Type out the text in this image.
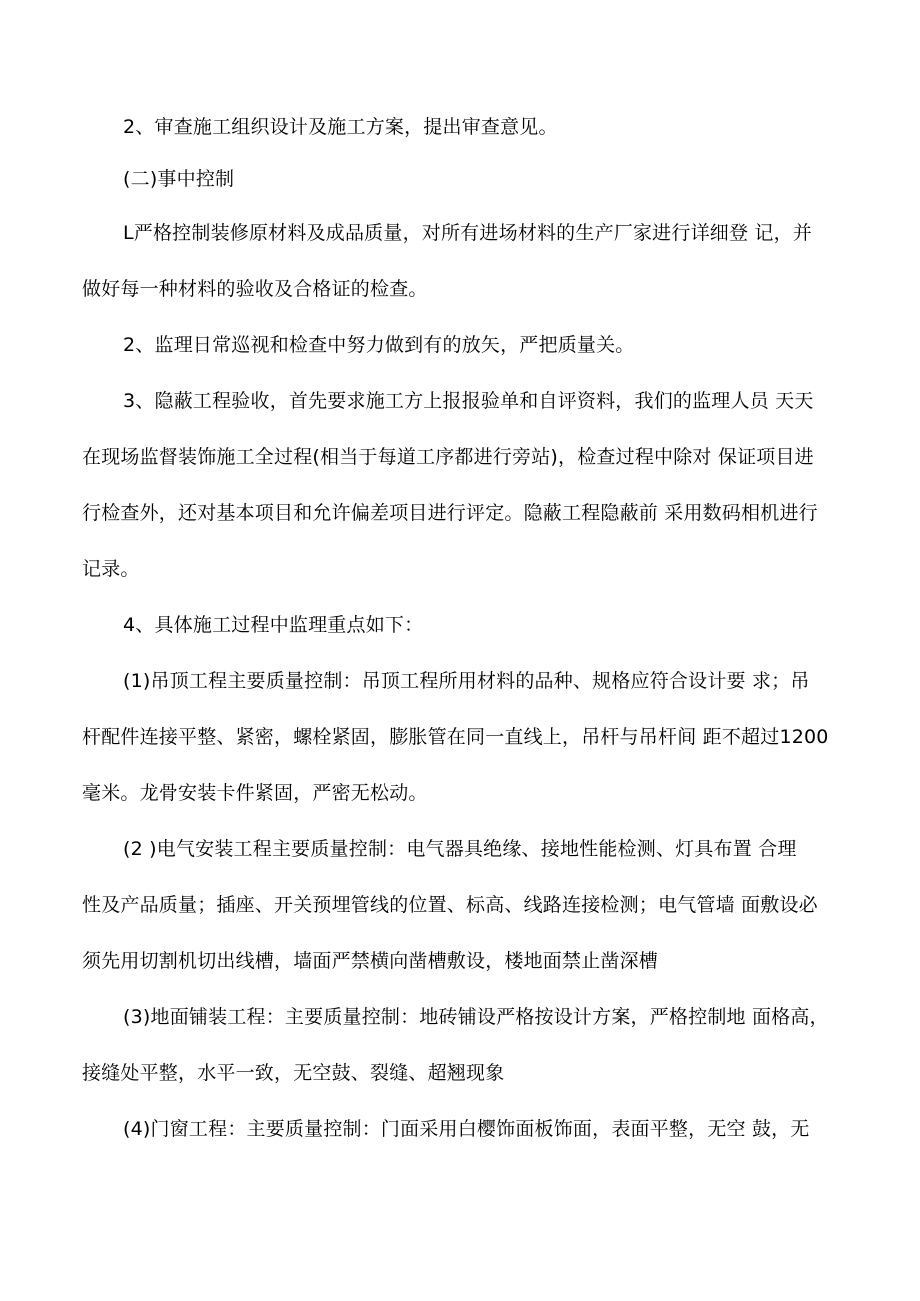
2、审查施工组织设计及施工方案，提出审查意见。
(二)事中控制
L严格控制装修原材料及成品质量，对所有进场材料的生产厂家进行详细登 记，并
做好每一种材料的验收及合格证的检查。
2、监理日常巡视和检查中努力做到有的放矢，严把质量关。
3、隐蔽工程验收，首先要求施工方上报报验单和自评资料，我们的监理人员 天天
在现场监督装饰施工全过程(相当于每道工序都进行旁站)，检查过程中除对 保证项目进
行检查外，还对基本项目和允许偏差项目进行评定。隐蔽工程隐蔽前 采用数码相机进行
记录。
4、具体施工过程中监理重点如下：
(1)吊顶工程主要质量控制：吊顶工程所用材料的品种、规格应符合设计要 求；吊
杆配件连接平整、紧密，螺栓紧固，膨胀管在同一直线上，吊杆与吊杆间 距不超过1200
毫米。龙骨安装卡件紧固，严密无松动。
(2 )电气安装工程主要质量控制：电气器具绝缘、接地性能检测、灯具布置 合理
性及产品质量；插座、开关预埋管线的位置、标高、线路连接检测；电气管墙 面敷设必
须先用切割机切出线槽，墙面严禁横向凿槽敷设，楼地面禁止凿深槽
(3)地面铺装工程：主要质量控制：地砖铺设严格按设计方案，严格控制地 面格高，
接缝处平整，水平一致，无空鼓、裂缝、超翘现象
(4)门窗工程：主要质量控制：门面采用白樱饰面板饰面，表面平整，无空 鼓，无
